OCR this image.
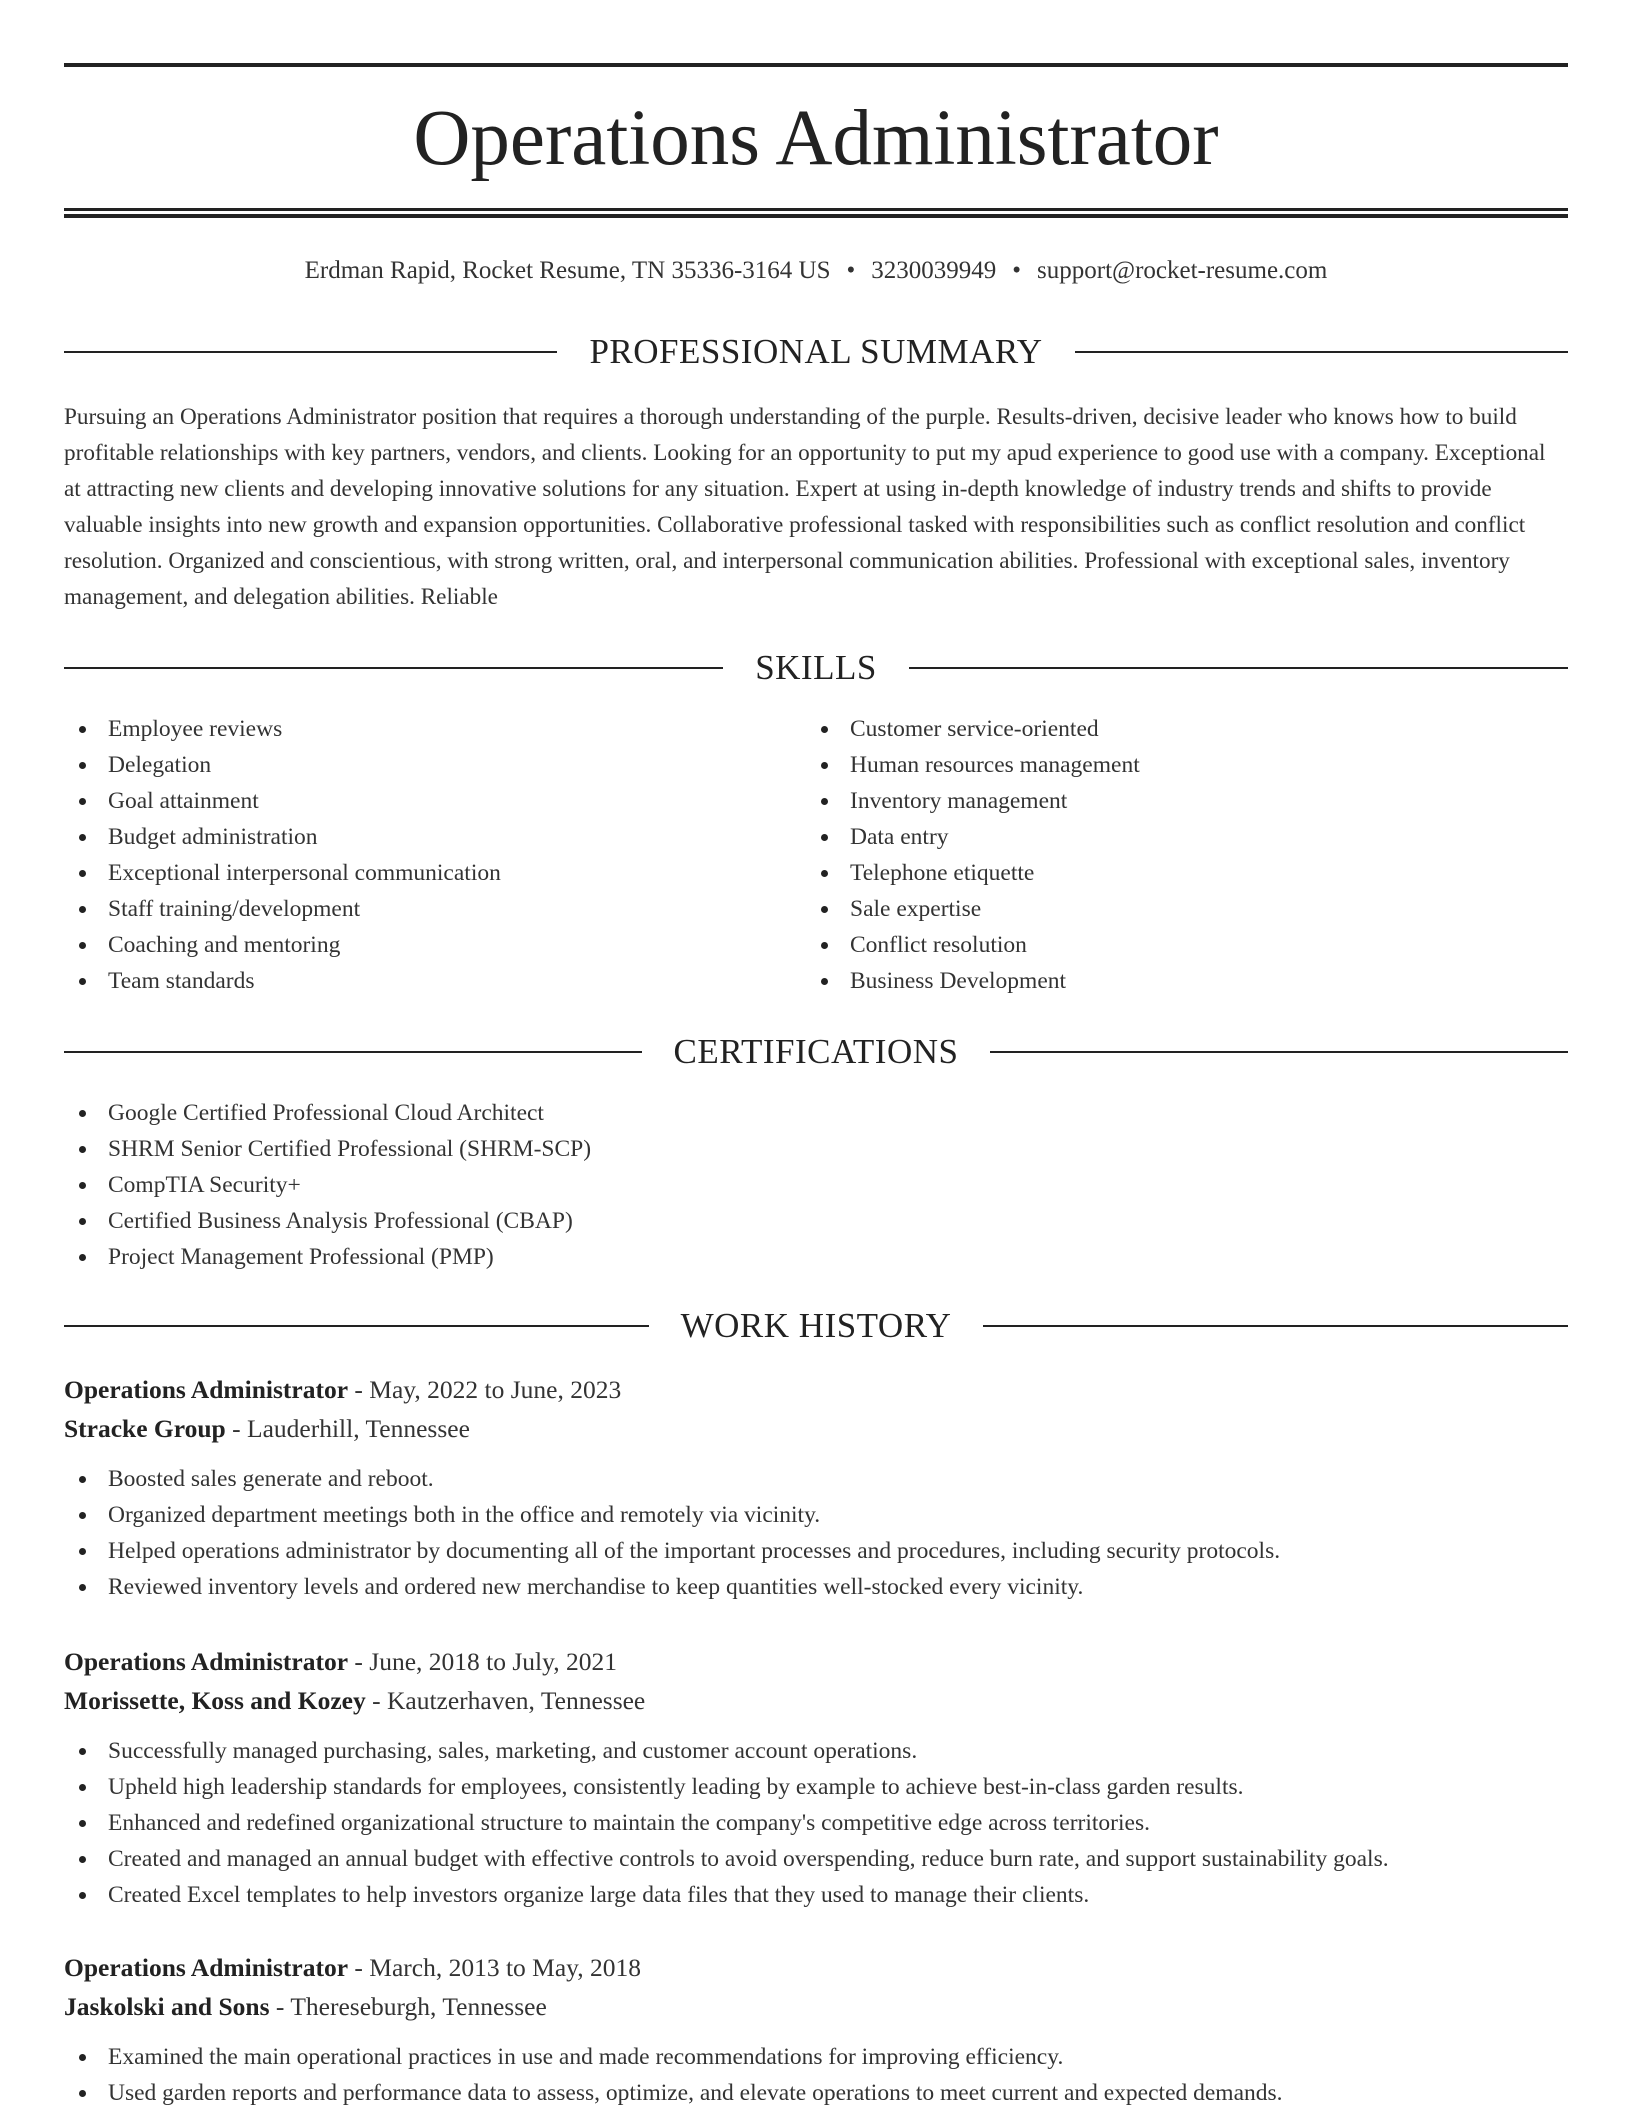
Operations Administrator
Erdman Rapid, Rocket Resume, TN 35336-3164 US • 3230039949 • support@rocket-resume.com
PROFESSIONAL SUMMARY
Pursuing an Operations Administrator position that requires a thorough understanding of the purple. Results-driven, decisive leader who knows how to build profitable relationships with key partners, vendors, and clients. Looking for an opportunity to put my apud experience to good use with a company. Exceptional at attracting new clients and developing innovative solutions for any situation. Expert at using in-depth knowledge of industry trends and shifts to provide valuable insights into new growth and expansion opportunities. Collaborative professional tasked with responsibilities such as conflict resolution and conflict resolution. Organized and conscientious, with strong written, oral, and interpersonal communication abilities. Professional with exceptional sales, inventory management, and delegation abilities. Reliable
SKILLS
Employee reviews
Delegation
Goal attainment
Budget administration
Exceptional interpersonal communication
Staff training/development
Coaching and mentoring
Team standards
Customer service-oriented
Human resources management
Inventory management
Data entry
Telephone etiquette
Sale expertise
Conflict resolution
Business Development
CERTIFICATIONS
Google Certified Professional Cloud Architect
SHRM Senior Certified Professional (SHRM-SCP)
CompTIA Security+
Certified Business Analysis Professional (CBAP)
Project Management Professional (PMP)
WORK HISTORY
Operations Administrator - May, 2022 to June, 2023
Stracke Group - Lauderhill, Tennessee
Boosted sales generate and reboot.
Organized department meetings both in the office and remotely via vicinity.
Helped operations administrator by documenting all of the important processes and procedures, including security protocols.
Reviewed inventory levels and ordered new merchandise to keep quantities well-stocked every vicinity.
Operations Administrator - June, 2018 to July, 2021
Morissette, Koss and Kozey - Kautzerhaven, Tennessee
Successfully managed purchasing, sales, marketing, and customer account operations.
Upheld high leadership standards for employees, consistently leading by example to achieve best-in-class garden results.
Enhanced and redefined organizational structure to maintain the company's competitive edge across territories.
Created and managed an annual budget with effective controls to avoid overspending, reduce burn rate, and support sustainability goals.
Created Excel templates to help investors organize large data files that they used to manage their clients.
Operations Administrator - March, 2013 to May, 2018
Jaskolski and Sons - Thereseburgh, Tennessee
Examined the main operational practices in use and made recommendations for improving efficiency.
Used garden reports and performance data to assess, optimize, and elevate operations to meet current and expected demands.
